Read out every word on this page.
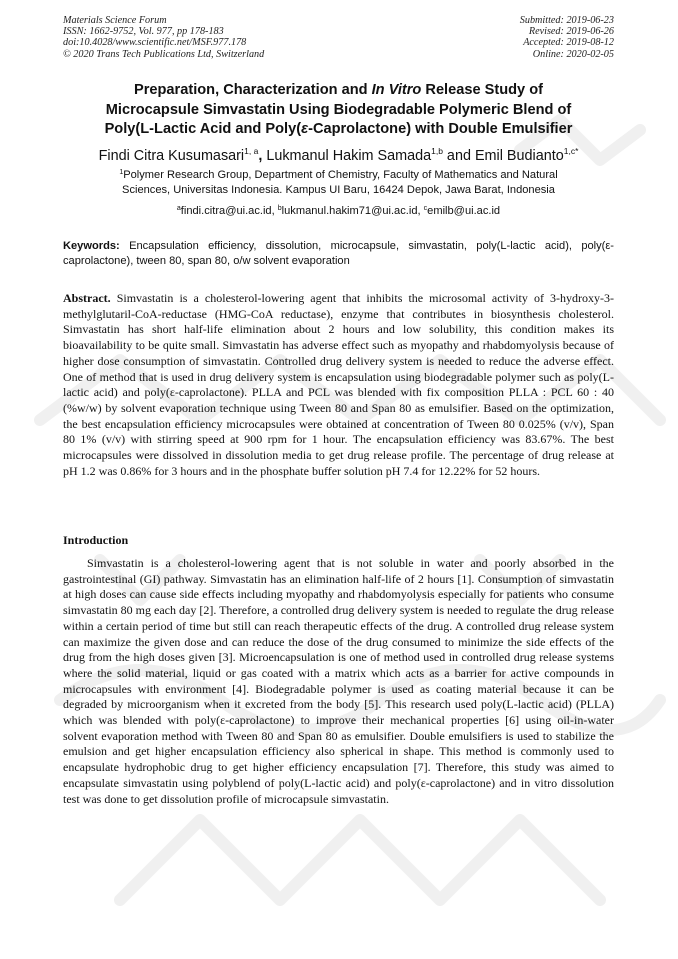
Materials Science Forum
ISSN: 1662-9752, Vol. 977, pp 178-183
doi:10.4028/www.scientific.net/MSF.977.178
© 2020 Trans Tech Publications Ltd, Switzerland
Submitted: 2019-06-23
Revised: 2019-06-26
Accepted: 2019-08-12
Online: 2020-02-05

Preparation, Characterization and In Vitro Release Study of

Microcapsule Simvastatin Using Biodegradable Polymeric Blend of

Poly(L-Lactic Acid and Poly(ε-Caprolactone) with Double Emulsifier

Findi Citra Kusumasari$^{1, a}$, Lukmanul Hakim Samada$^{1,b}$ and Emil Budianto$^{1,c*}$

$^1$Polymer Research Group, Department of Chemistry, Faculty of Mathematics and Natural

Sciences, Universitas Indonesia. Kampus UI Baru, 16424 Depok, Jawa Barat, Indonesia

$^a$findi.citra@ui.ac.id, $^b$lukmanul.hakim71@ui.ac.id, $^c$emilb@ui.ac.id
Keywords: Encapsulation efficiency, dissolution, microcapsule, simvastatin, poly(L-lactic acid), poly(ε-caprolactone), tween 80, span 80, o/w solvent evaporation
Abstract. Simvastatin is a cholesterol-lowering agent that inhibits the microsomal activity of 3-hydroxy-3-methylglutaril-CoA-reductase (HMG-CoA reductase), enzyme that contributes in biosynthesis cholesterol. Simvastatin has short half-life elimination about 2 hours and low solubility, this condition makes its bioavailability to be quite small. Simvastatin has adverse effect such as myopathy and rhabdomyolysis because of higher dose consumption of simvastatin. Controlled drug delivery system is needed to reduce the adverse effect. One of method that is used in drug delivery system is encapsulation using biodegradable polymer such as poly(L-lactic acid) and poly(ε-caprolactone). PLLA and PCL was blended with fix composition PLLA : PCL 60 : 40 (%w/w) by solvent evaporation technique using Tween 80 and Span 80 as emulsifier. Based on the optimization, the best encapsulation efficiency microcapsules were obtained at concentration of Tween 80 0.025% (v/v), Span 80 1% (v/v) with stirring speed at 900 rpm for 1 hour. The encapsulation efficiency was 83.67%. The best microcapsules were dissolved in dissolution media to get drug release profile. The percentage of drug release at pH 1.2 was 0.86% for 3 hours and in the phosphate buffer solution pH 7.4 for 12.22% for 52 hours.
Introduction
Simvastatin is a cholesterol-lowering agent that is not soluble in water and poorly absorbed in the gastrointestinal (GI) pathway. Simvastatin has an elimination half-life of 2 hours [1]. Consumption of simvastatin at high doses can cause side effects including myopathy and rhabdomyolysis especially for patients who consume simvastatin 80 mg each day [2]. Therefore, a controlled drug delivery system is needed to regulate the drug release within a certain period of time but still can reach therapeutic effects of the drug. A controlled drug release system can maximize the given dose and can reduce the dose of the drug consumed to minimize the side effects of the drug from the high doses given [3]. Microencapsulation is one of method used in controlled drug release systems where the solid material, liquid or gas coated with a matrix which acts as a barrier for active compounds in microcapsules with environment [4]. Biodegradable polymer is used as coating material because it can be degraded by microorganism when it excreted from the body [5]. This research used poly(L-lactic acid) (PLLA) which was blended with poly(ε-caprolactone) to improve their mechanical properties [6] using oil-in-water solvent evaporation method with Tween 80 and Span 80 as emulsifier. Double emulsifiers is used to stabilize the emulsion and get higher encapsulation efficiency also spherical in shape. This method is commonly used to encapsulate hydrophobic drug to get higher efficiency encapsulation [7]. Therefore, this study was aimed to encapsulate simvastatin using polyblend of poly(L-lactic acid) and poly(ε-caprolactone) and in vitro dissolution test was done to get dissolution profile of microcapsule simvastatin.
